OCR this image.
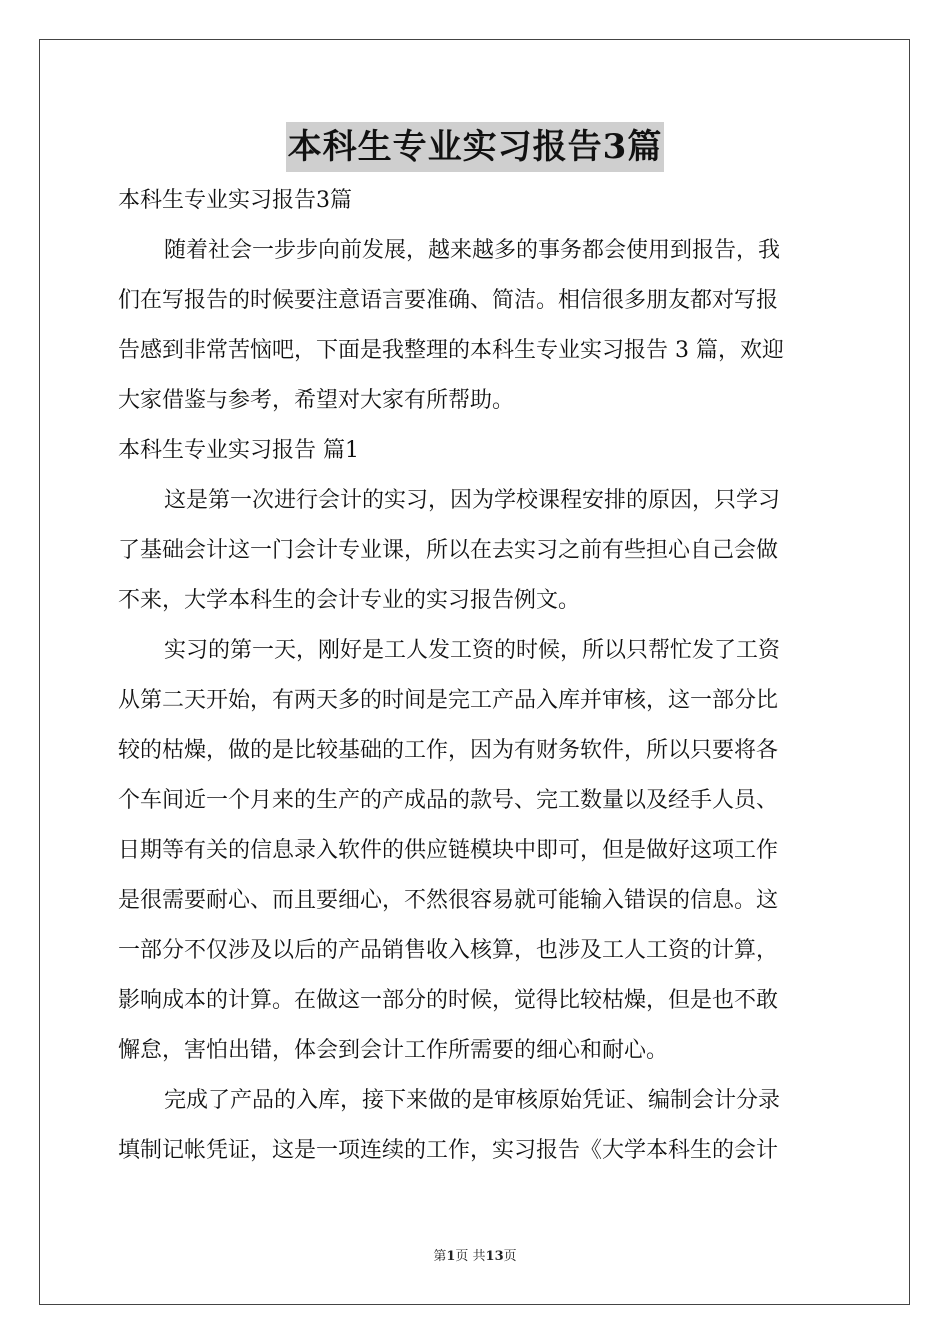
本科生专业实习报告3篇
本科生专业实习报告3篇
随着社会一步步向前发展，越来越多的事务都会使用到报告，我
们在写报告的时候要注意语言要准确、简洁。相信很多朋友都对写报
告感到非常苦恼吧，下面是我整理的本科生专业实习报告 3 篇，欢迎
大家借鉴与参考，希望对大家有所帮助。
本科生专业实习报告 篇1
这是第一次进行会计的实习，因为学校课程安排的原因，只学习
了基础会计这一门会计专业课，所以在去实习之前有些担心自己会做
不来，大学本科生的会计专业的实习报告例文。
实习的第一天，刚好是工人发工资的时候，所以只帮忙发了工资
从第二天开始，有两天多的时间是完工产品入库并审核，这一部分比
较的枯燥，做的是比较基础的工作，因为有财务软件，所以只要将各
个车间近一个月来的生产的产成品的款号、完工数量以及经手人员、
日期等有关的信息录入软件的供应链模块中即可，但是做好这项工作
是很需要耐心、而且要细心，不然很容易就可能输入错误的信息。这
一部分不仅涉及以后的产品销售收入核算，也涉及工人工资的计算，
影响成本的计算。在做这一部分的时候，觉得比较枯燥，但是也不敢
懈怠，害怕出错，体会到会计工作所需要的细心和耐心。
完成了产品的入库，接下来做的是审核原始凭证、编制会计分录
填制记帐凭证，这是一项连续的工作，实习报告《大学本科生的会计
第1页 共13页
